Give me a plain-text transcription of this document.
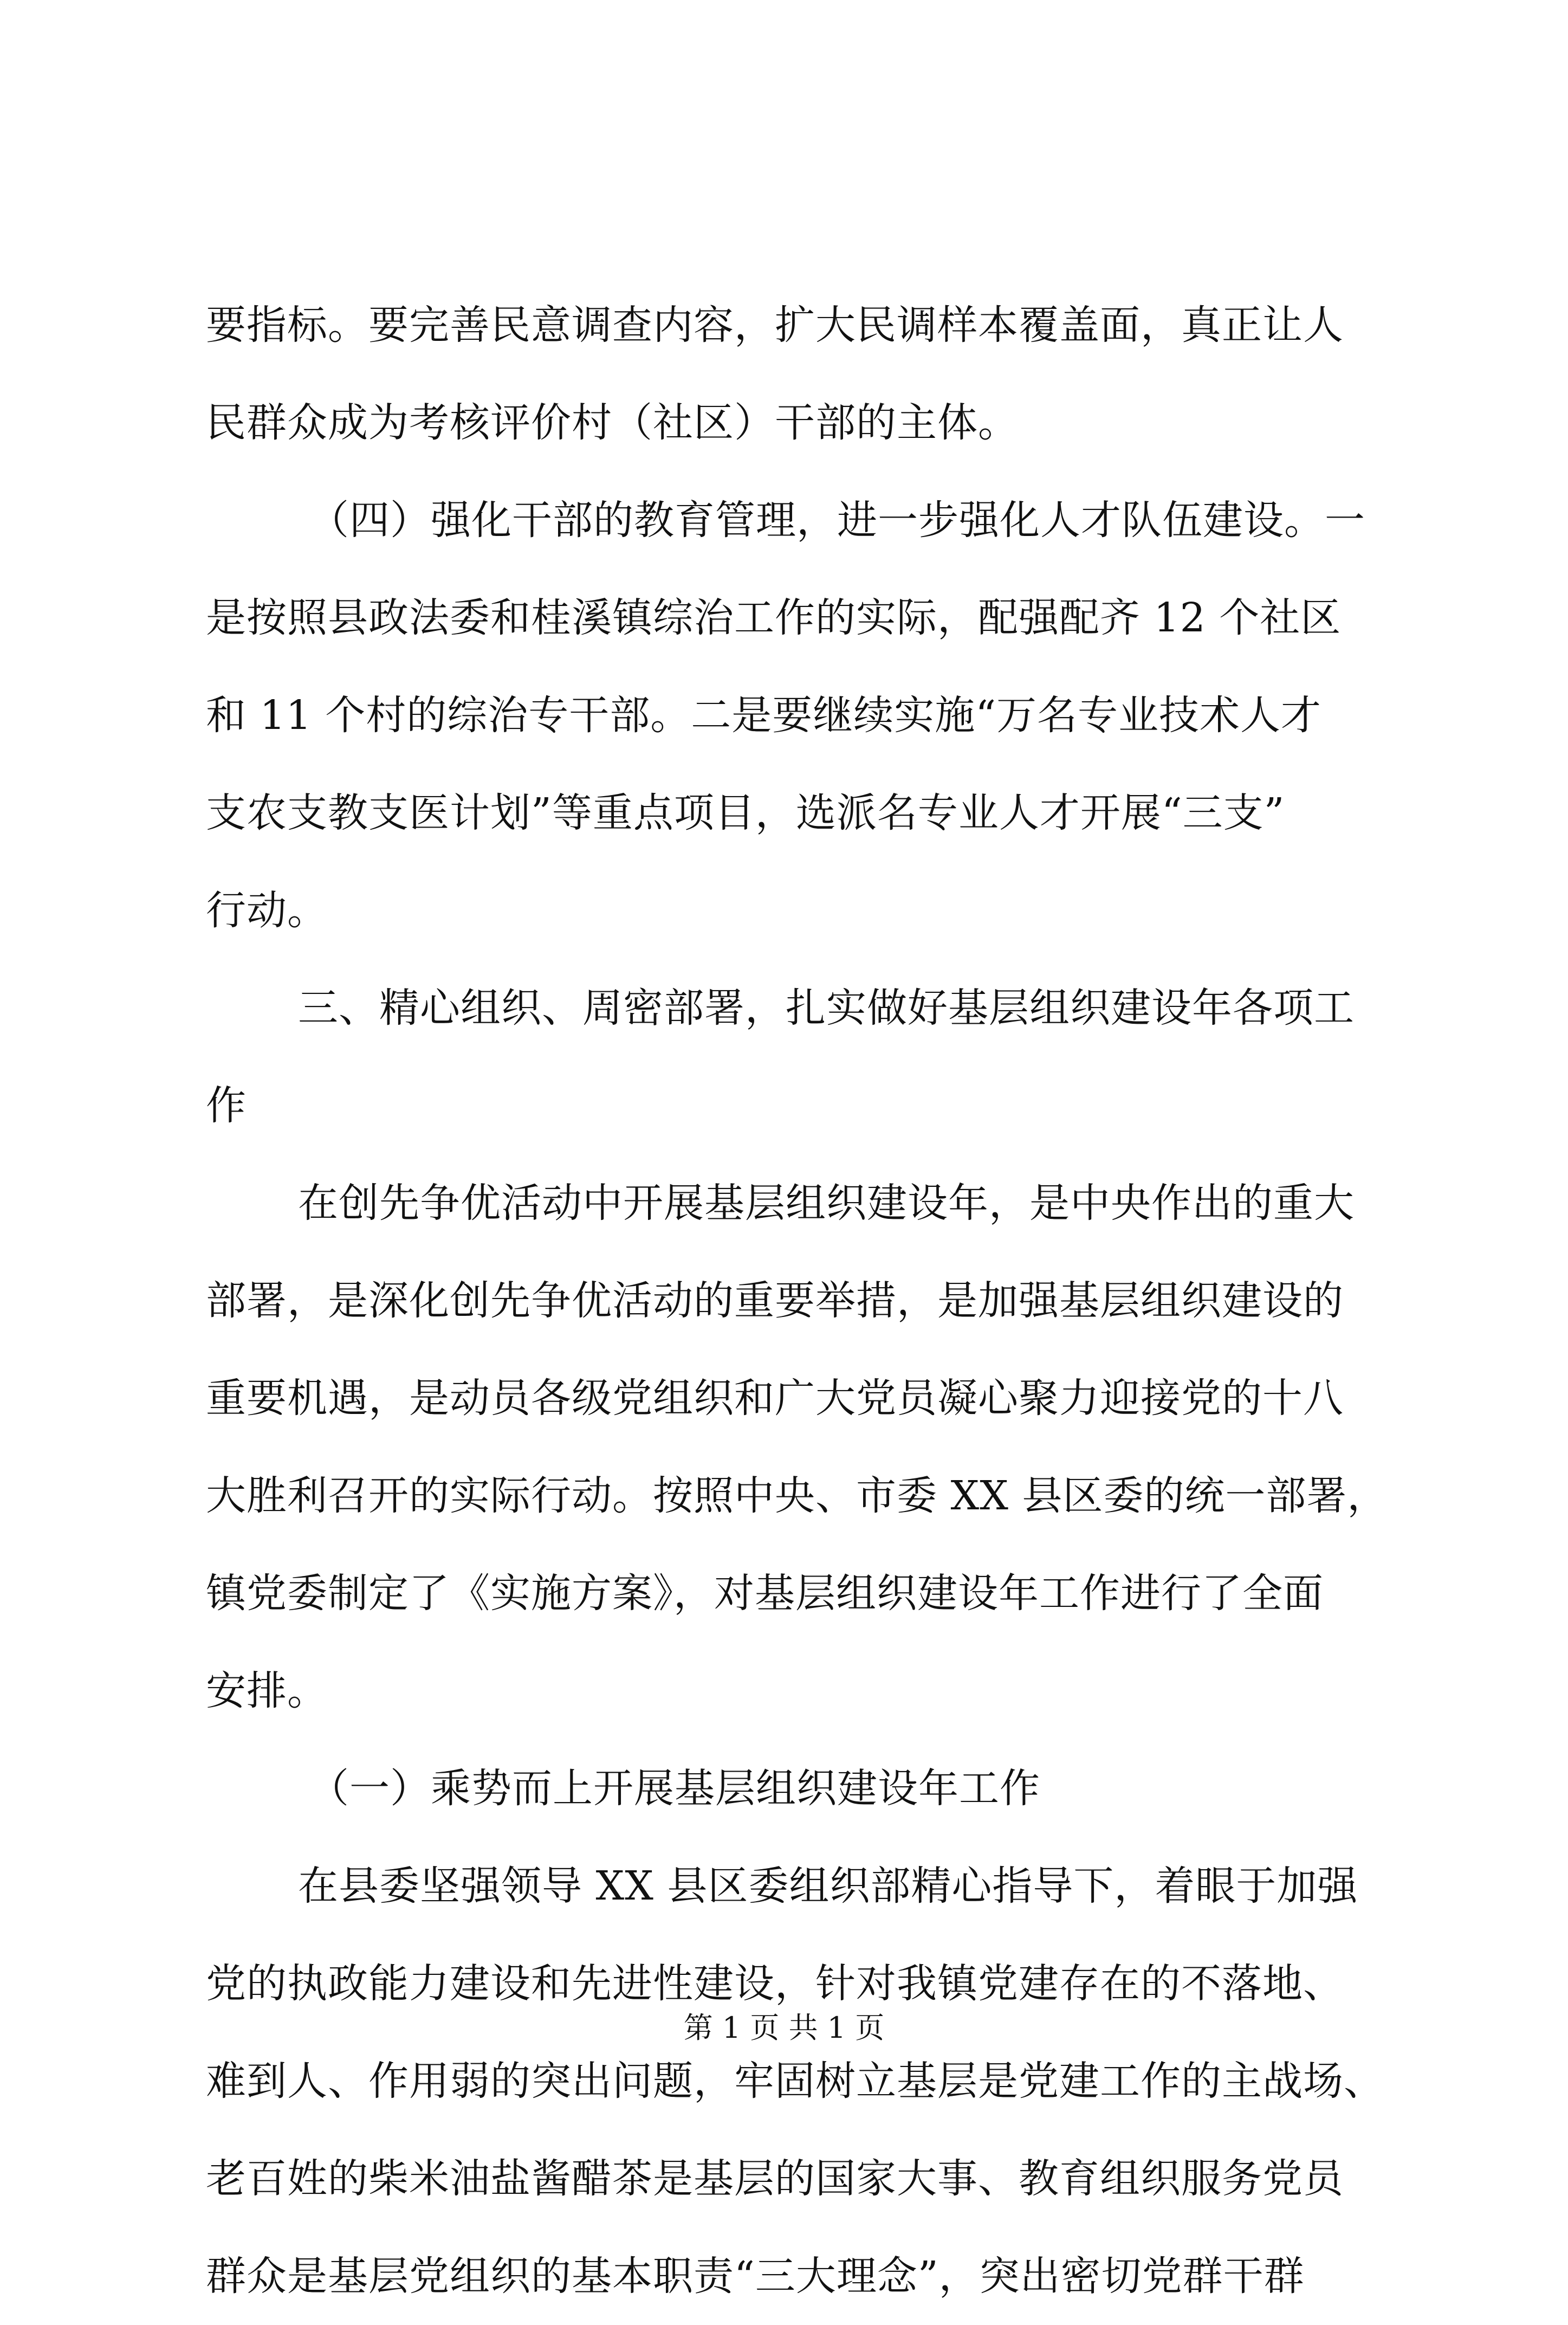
要指标。要完善民意调查内容，扩大民调样本覆盖面，真正让人
民群众成为考核评价村（社区）干部的主体。
（四）强化干部的教育管理，进一步强化人才队伍建设。一
是按照县政法委和桂溪镇综治工作的实际，配强配齐 12 个社区
和 11 个村的综治专干部。二是要继续实施“万名专业技术人才
支农支教支医计划”等重点项目，选派名专业人才开展“三支”
行动。
三、精心组织、周密部署，扎实做好基层组织建设年各项工
作
在创先争优活动中开展基层组织建设年，是中央作出的重大
部署，是深化创先争优活动的重要举措，是加强基层组织建设的
重要机遇，是动员各级党组织和广大党员凝心聚力迎接党的十八
大胜利召开的实际行动。按照中央、市委 XX 县区委的统一部署，
镇党委制定了《实施方案》，对基层组织建设年工作进行了全面
安排。
（一）乘势而上开展基层组织建设年工作
在县委坚强领导 XX 县区委组织部精心指导下，着眼于加强
党的执政能力建设和先进性建设，针对我镇党建存在的不落地、
难到人、作用弱的突出问题，牢固树立基层是党建工作的主战场、
老百姓的柴米油盐酱醋茶是基层的国家大事、教育组织服务党员
群众是基层党组织的基本职责“三大理念”，突出密切党群干群
第 1 页 共 1 页
